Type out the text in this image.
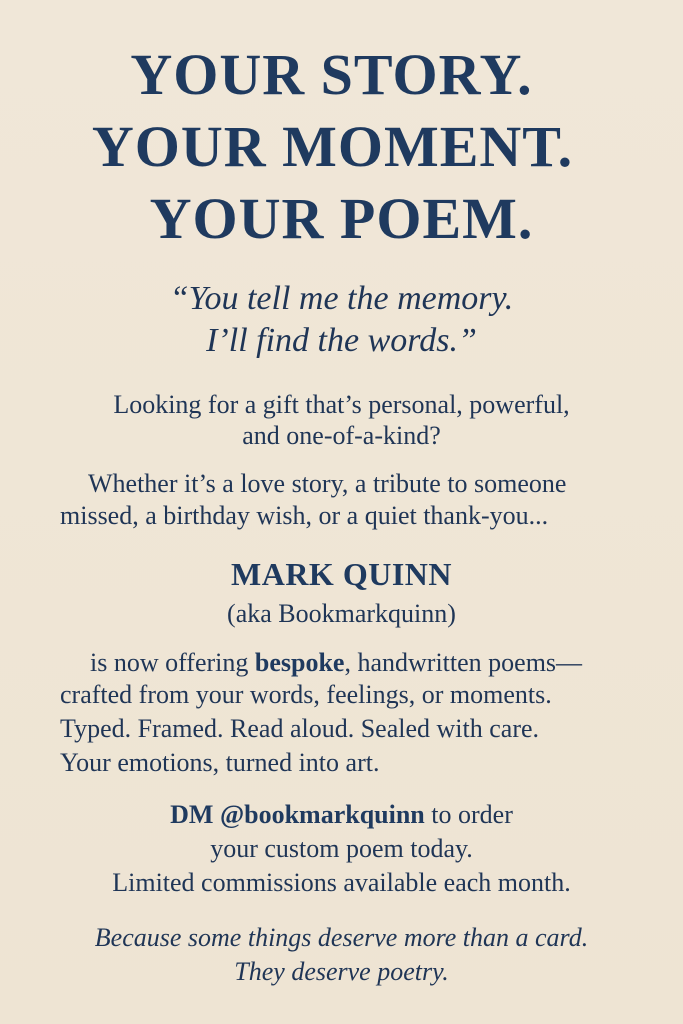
YOUR STORY.
YOUR MOMENT.
YOUR POEM.
“You tell me the memory.
I’ll find the words.”
Looking for a gift that’s personal, powerful,
and one-of-a-kind?
Whether it’s a love story, a tribute to someone
missed, a birthday wish, or a quiet thank-you...
MARK QUINN
(aka Bookmarkquinn)
is now offering bespoke, handwritten poems—
crafted from your words, feelings, or moments.
Typed. Framed. Read aloud. Sealed with care.
Your emotions, turned into art.
DM @bookmarkquinn to order
your custom poem today.
Limited commissions available each month.
Because some things deserve more than a card.
They deserve poetry.
